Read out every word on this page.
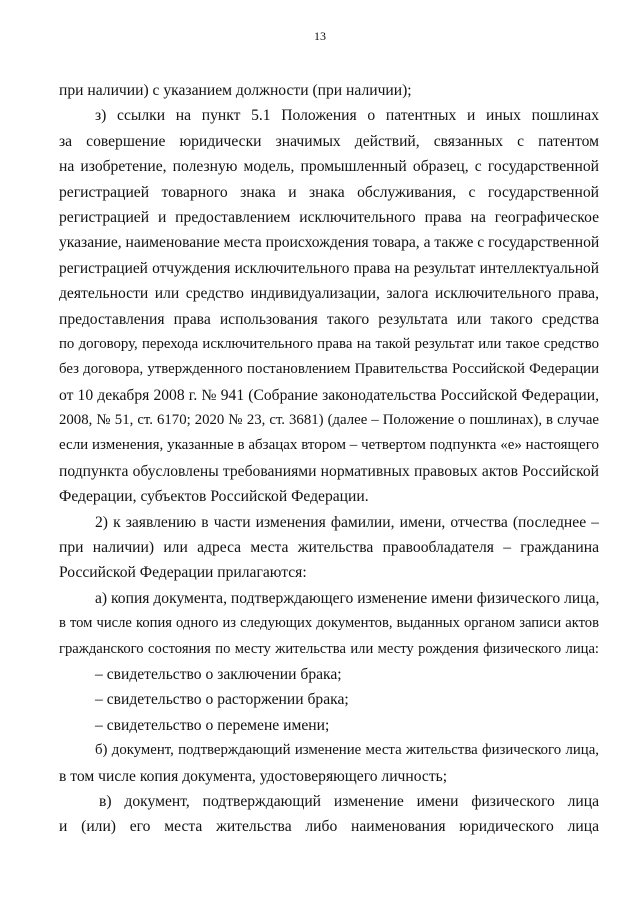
13
при наличии) с указанием должности (при наличии);
з) ссылки на пункт 5.1 Положения о патентных и иных пошлинах
за совершение юридически значимых действий, связанных с патентом
на изобретение, полезную модель, промышленный образец, с государственной
регистрацией товарного знака и знака обслуживания, с государственной
регистрацией и предоставлением исключительного права на географическое
указание, наименование места происхождения товара, а также с государственной
регистрацией отчуждения исключительного права на результат интеллектуальной
деятельности или средство индивидуализации, залога исключительного права,
предоставления права использования такого результата или такого средства
по договору, перехода исключительного права на такой результат или такое средство
без договора, утвержденного постановлением Правительства Российской Федерации
от 10 декабря 2008 г. № 941 (Собрание законодательства Российской Федерации,
2008, № 51, ст. 6170; 2020 № 23, ст. 3681) (далее – Положение о пошлинах), в случае
если изменения, указанные в абзацах втором – четвертом подпункта «е» настоящего
подпункта обусловлены требованиями нормативных правовых актов Российской
Федерации, субъектов Российской Федерации.
2) к заявлению в части изменения фамилии, имени, отчества (последнее –
при наличии) или адреса места жительства правообладателя – гражданина
Российской Федерации прилагаются:
а) копия документа, подтверждающего изменение имени физического лица,
в том числе копия одного из следующих документов, выданных органом записи актов
гражданского состояния по месту жительства или месту рождения физического лица:
– свидетельство о заключении брака;
– свидетельство о расторжении брака;
– свидетельство о перемене имени;
б) документ, подтверждающий изменение места жительства физического лица,
в том числе копия документа, удостоверяющего личность;
в) документ, подтверждающий изменение имени физического лица
и (или) его места жительства либо наименования юридического лица
